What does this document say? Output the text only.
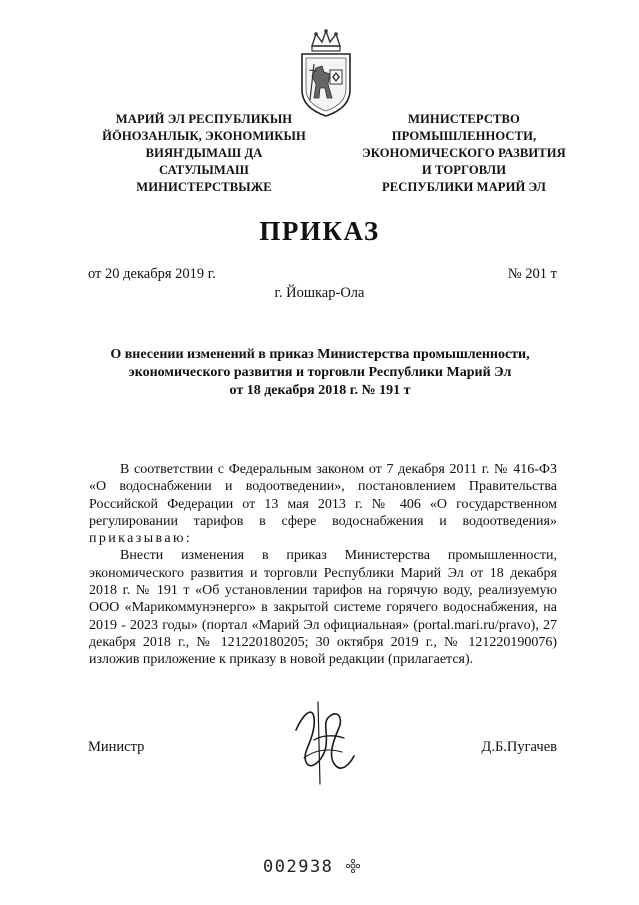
МАРИЙ ЭЛ РЕСПУБЛИКЫН
ЙÖНОЗАНЛЫК, ЭКОНОМИКЫН
ВИЯҤДЫМАШ ДА
САТУЛЫМАШ
МИНИСТЕРСТВЫЖЕ
МИНИСТЕРСТВО
ПРОМЫШЛЕННОСТИ,
ЭКОНОМИЧЕСКОГО РАЗВИТИЯ
И ТОРГОВЛИ
РЕСПУБЛИКИ МАРИЙ ЭЛ
ПРИКАЗ
от 20 декабря 2019 г.	№ 201 т
г. Йошкар-Ола
О внесении изменений в приказ Министерства промышленности,
экономического развития и торговли Республики Марий Эл
от 18 декабря 2018 г. № 191 т

В соответствии с Федеральным законом от 7 декабря 2011 г. № 416-ФЗ «О водоснабжении и водоотведении», постановлением Правительства Российской Федерации от 13 мая 2013 г. № 406 «О государственном регулировании тарифов в сфере водоснабжения и водоотведения» приказываю:

Внести изменения в приказ Министерства промышленности, экономического развития и торговли Республики Марий Эл от 18 декабря 2018 г. № 191 т «Об установлении тарифов на горячую воду, реализуемую ООО «Марикоммунэнерго» в закрытой системе горячего водоснабжения, на 2019 - 2023 годы» (портал «Марий Эл официальная» (portal.mari.ru/pravo), 27 декабря 2018 г., № 121220180205; 30 октября 2019 г., № 121220190076) изложив приложение к приказу в новой редакции (прилагается).

Министр	Д.Б.Пугачев
002938
